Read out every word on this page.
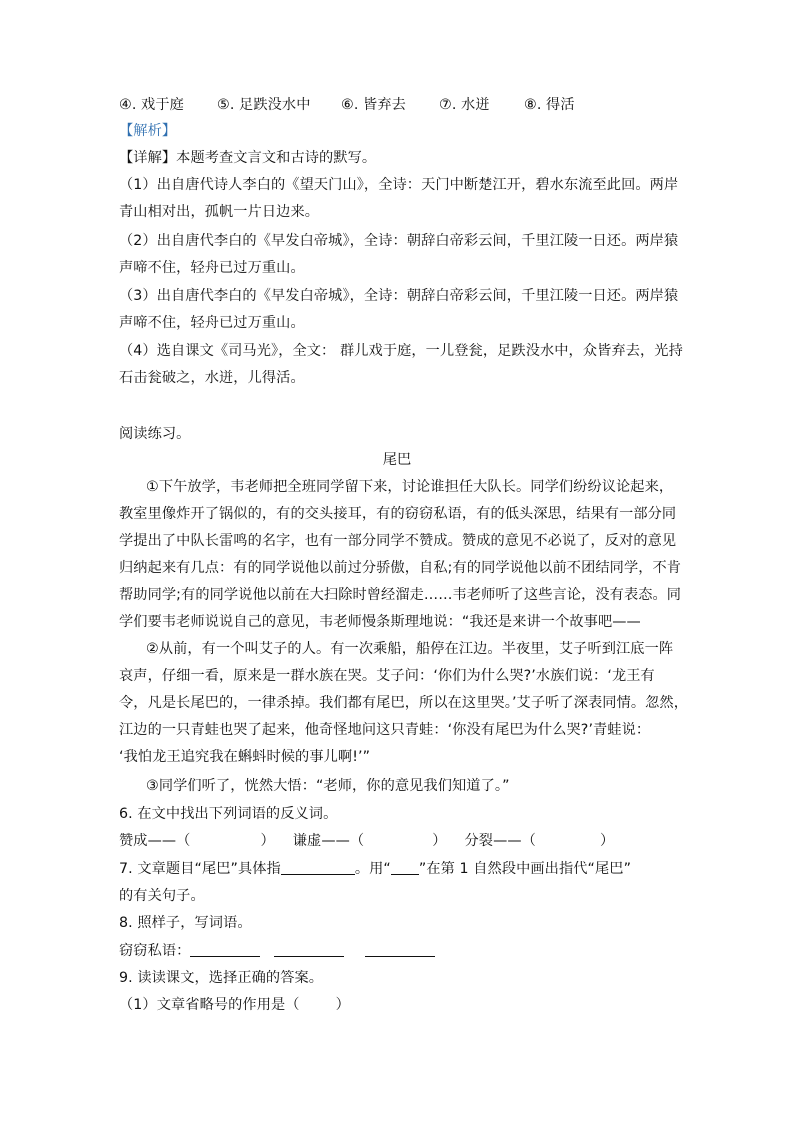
④. 戏于庭 ⑤. 足跌没水中 ⑥. 皆弃去 ⑦. 水迸 ⑧. 得活
【解析】
【详解】本题考查文言文和古诗的默写。
（1）出自唐代诗人李白的《望天门山》，全诗：天门中断楚江开，碧水东流至此回。两岸
青山相对出，孤帆一片日边来。
（2）出自唐代李白的《早发白帝城》，全诗：朝辞白帝彩云间，千里江陵一日还。两岸猿
声啼不住，轻舟已过万重山。
（3）出自唐代李白的《早发白帝城》，全诗：朝辞白帝彩云间，千里江陵一日还。两岸猿
声啼不住，轻舟已过万重山。
（4）选自课文《司马光》，全文： 群儿戏于庭，一儿登瓮，足跌没水中，众皆弃去，光持
石击瓮破之，水迸，儿得活。
阅读练习。
尾巴
①下午放学，韦老师把全班同学留下来，讨论谁担任大队长。同学们纷纷议论起来，
教室里像炸开了锅似的，有的交头接耳，有的窃窃私语，有的低头深思，结果有一部分同
学提出了中队长雷鸣的名字，也有一部分同学不赞成。赞成的意见不必说了，反对的意见
归纳起来有几点：有的同学说他以前过分骄傲，自私;有的同学说他以前不团结同学，不肯
帮助同学;有的同学说他以前在大扫除时曾经溜走……韦老师听了这些言论，没有表态。同
学们要韦老师说说自己的意见，韦老师慢条斯理地说：“我还是来讲一个故事吧——
②从前，有一个叫艾子的人。有一次乘船，船停在江边。半夜里，艾子听到江底一阵
哀声，仔细一看，原来是一群水族在哭。艾子问：‘你们为什么哭?’水族们说：‘龙王有
令，凡是长尾巴的，一律杀掉。我们都有尾巴，所以在这里哭。’艾子听了深表同情。忽然，
江边的一只青蛙也哭了起来，他奇怪地问这只青蛙：‘你没有尾巴为什么哭?’青蛙说：
‘我怕龙王追究我在蝌蚪时候的事儿啊!’”
③同学们听了，恍然大悟：“老师，你的意见我们知道了。”
6. 在文中找出下列词语的反义词。
赞成——（	） 谦虚——（	） 分裂——（	）
7. 文章题目“尾巴”具体指	。用“ ”在第 1 自然段中画出指代“尾巴”
的有关句子。
8. 照样子，写词语。
窃窃私语：
9. 读读课文，选择正确的答案。
（1）文章省略号的作用是（	）
